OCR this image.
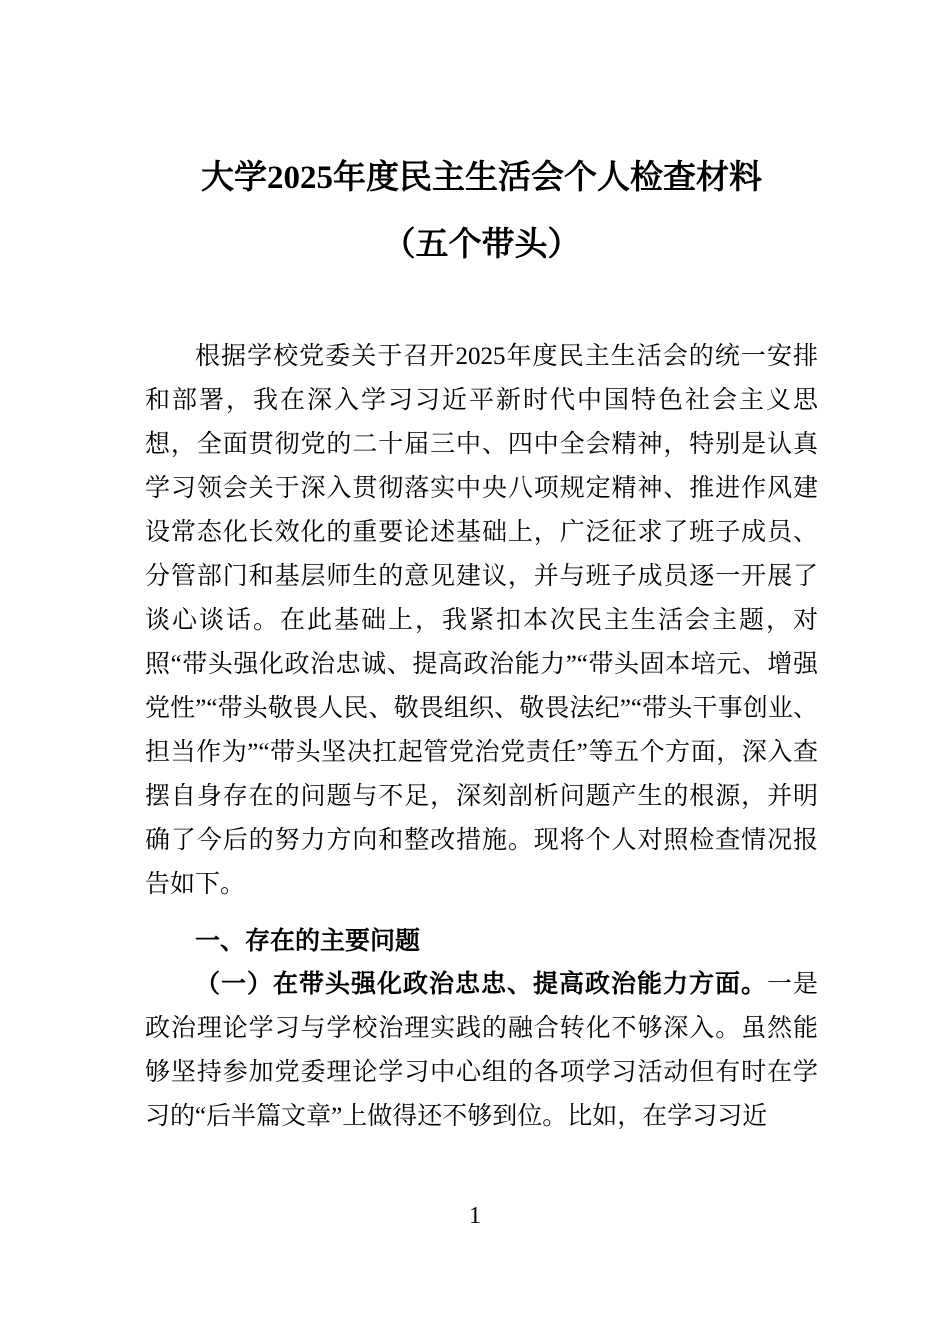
大学2025年度民主生活会个人检查材料
（五个带头）

根据学校党委关于召开2025年度民主生活会的统一安排和部署，我在深入学习习近平新时代中国特色社会主义思想，全面贯彻党的二十届三中、四中全会精神，特别是认真学习领会关于深入贯彻落实中央八项规定精神、推进作风建设常态化长效化的重要论述基础上，广泛征求了班子成员、分管部门和基层师生的意见建议，并与班子成员逐一开展了谈心谈话。在此基础上，我紧扣本次民主生活会主题，对照“带头强化政治忠诚、提高政治能力”“带头固本培元、增强党性”“带头敬畏人民、敬畏组织、敬畏法纪”“带头干事创业、担当作为”“带头坚决扛起管党治党责任”等五个方面，深入查摆自身存在的问题与不足，深刻剖析问题产生的根源，并明确了今后的努力方向和整改措施。现将个人对照检查情况报告如下。

一、存在的主要问题

（一）在带头强化政治忠忠、提高政治能力方面。一是政治理论学习与学校治理实践的融合转化不够深入。虽然能够坚持参加党委理论学习中心组的各项学习活动但有时在学习的“后半篇文章”上做得还不够到位。比如，在学习习近

1
